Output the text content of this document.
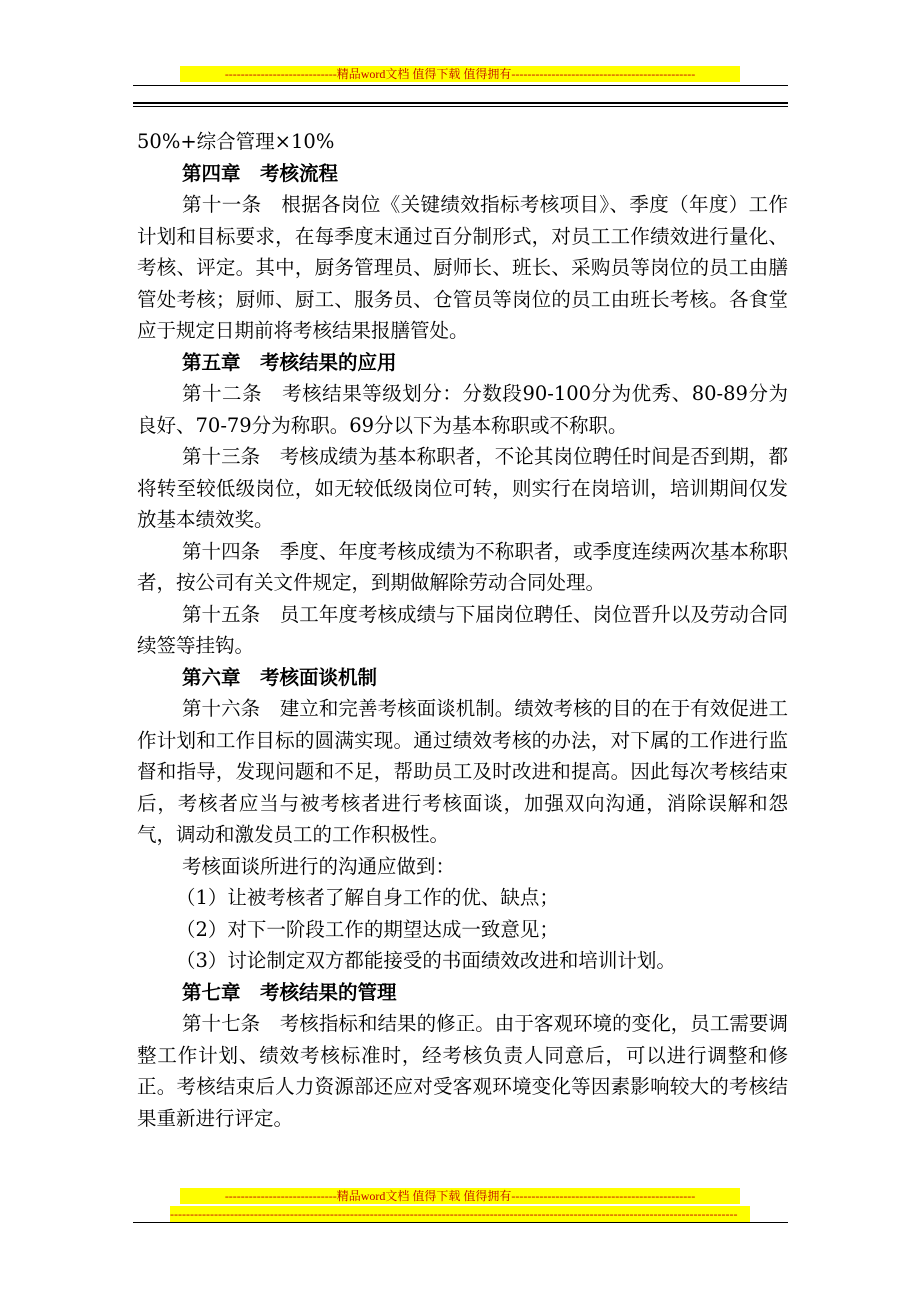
----------------------------精品word文档 值得下载 值得拥有----------------------------------------------

50%+综合管理×10%

第四章　考核流程

第十一条　根据各岗位《关键绩效指标考核项目》、季度（年度）工作计划和目标要求，在每季度末通过百分制形式，对员工工作绩效进行量化、考核、评定。其中，厨务管理员、厨师长、班长、采购员等岗位的员工由膳管处考核；厨师、厨工、服务员、仓管员等岗位的员工由班长考核。各食堂应于规定日期前将考核结果报膳管处。

第五章　考核结果的应用

第十二条　考核结果等级划分：分数段90-100分为优秀、80-89分为良好、70-79分为称职。69分以下为基本称职或不称职。

第十三条　考核成绩为基本称职者，不论其岗位聘任时间是否到期，都将转至较低级岗位，如无较低级岗位可转，则实行在岗培训，培训期间仅发放基本绩效奖。

第十四条　季度、年度考核成绩为不称职者，或季度连续两次基本称职者，按公司有关文件规定，到期做解除劳动合同处理。

第十五条　员工年度考核成绩与下届岗位聘任、岗位晋升以及劳动合同续签等挂钩。

第六章　考核面谈机制

第十六条　建立和完善考核面谈机制。绩效考核的目的在于有效促进工作计划和工作目标的圆满实现。通过绩效考核的办法，对下属的工作进行监督和指导，发现问题和不足，帮助员工及时改进和提高。因此每次考核结束后，考核者应当与被考核者进行考核面谈，加强双向沟通，消除误解和怨气，调动和激发员工的工作积极性。

考核面谈所进行的沟通应做到：

（1）让被考核者了解自身工作的优、缺点；

（2）对下一阶段工作的期望达成一致意见；

（3）讨论制定双方都能接受的书面绩效改进和培训计划。

第七章　考核结果的管理

第十七条　考核指标和结果的修正。由于客观环境的变化，员工需要调整工作计划、绩效考核标准时，经考核负责人同意后，可以进行调整和修正。考核结束后人力资源部还应对受客观环境变化等因素影响较大的考核结果重新进行评定。

----------------------------精品word文档 值得下载 值得拥有----------------------------------------------
----------------------------------------------------------------------------------------------------------------------------------------------
